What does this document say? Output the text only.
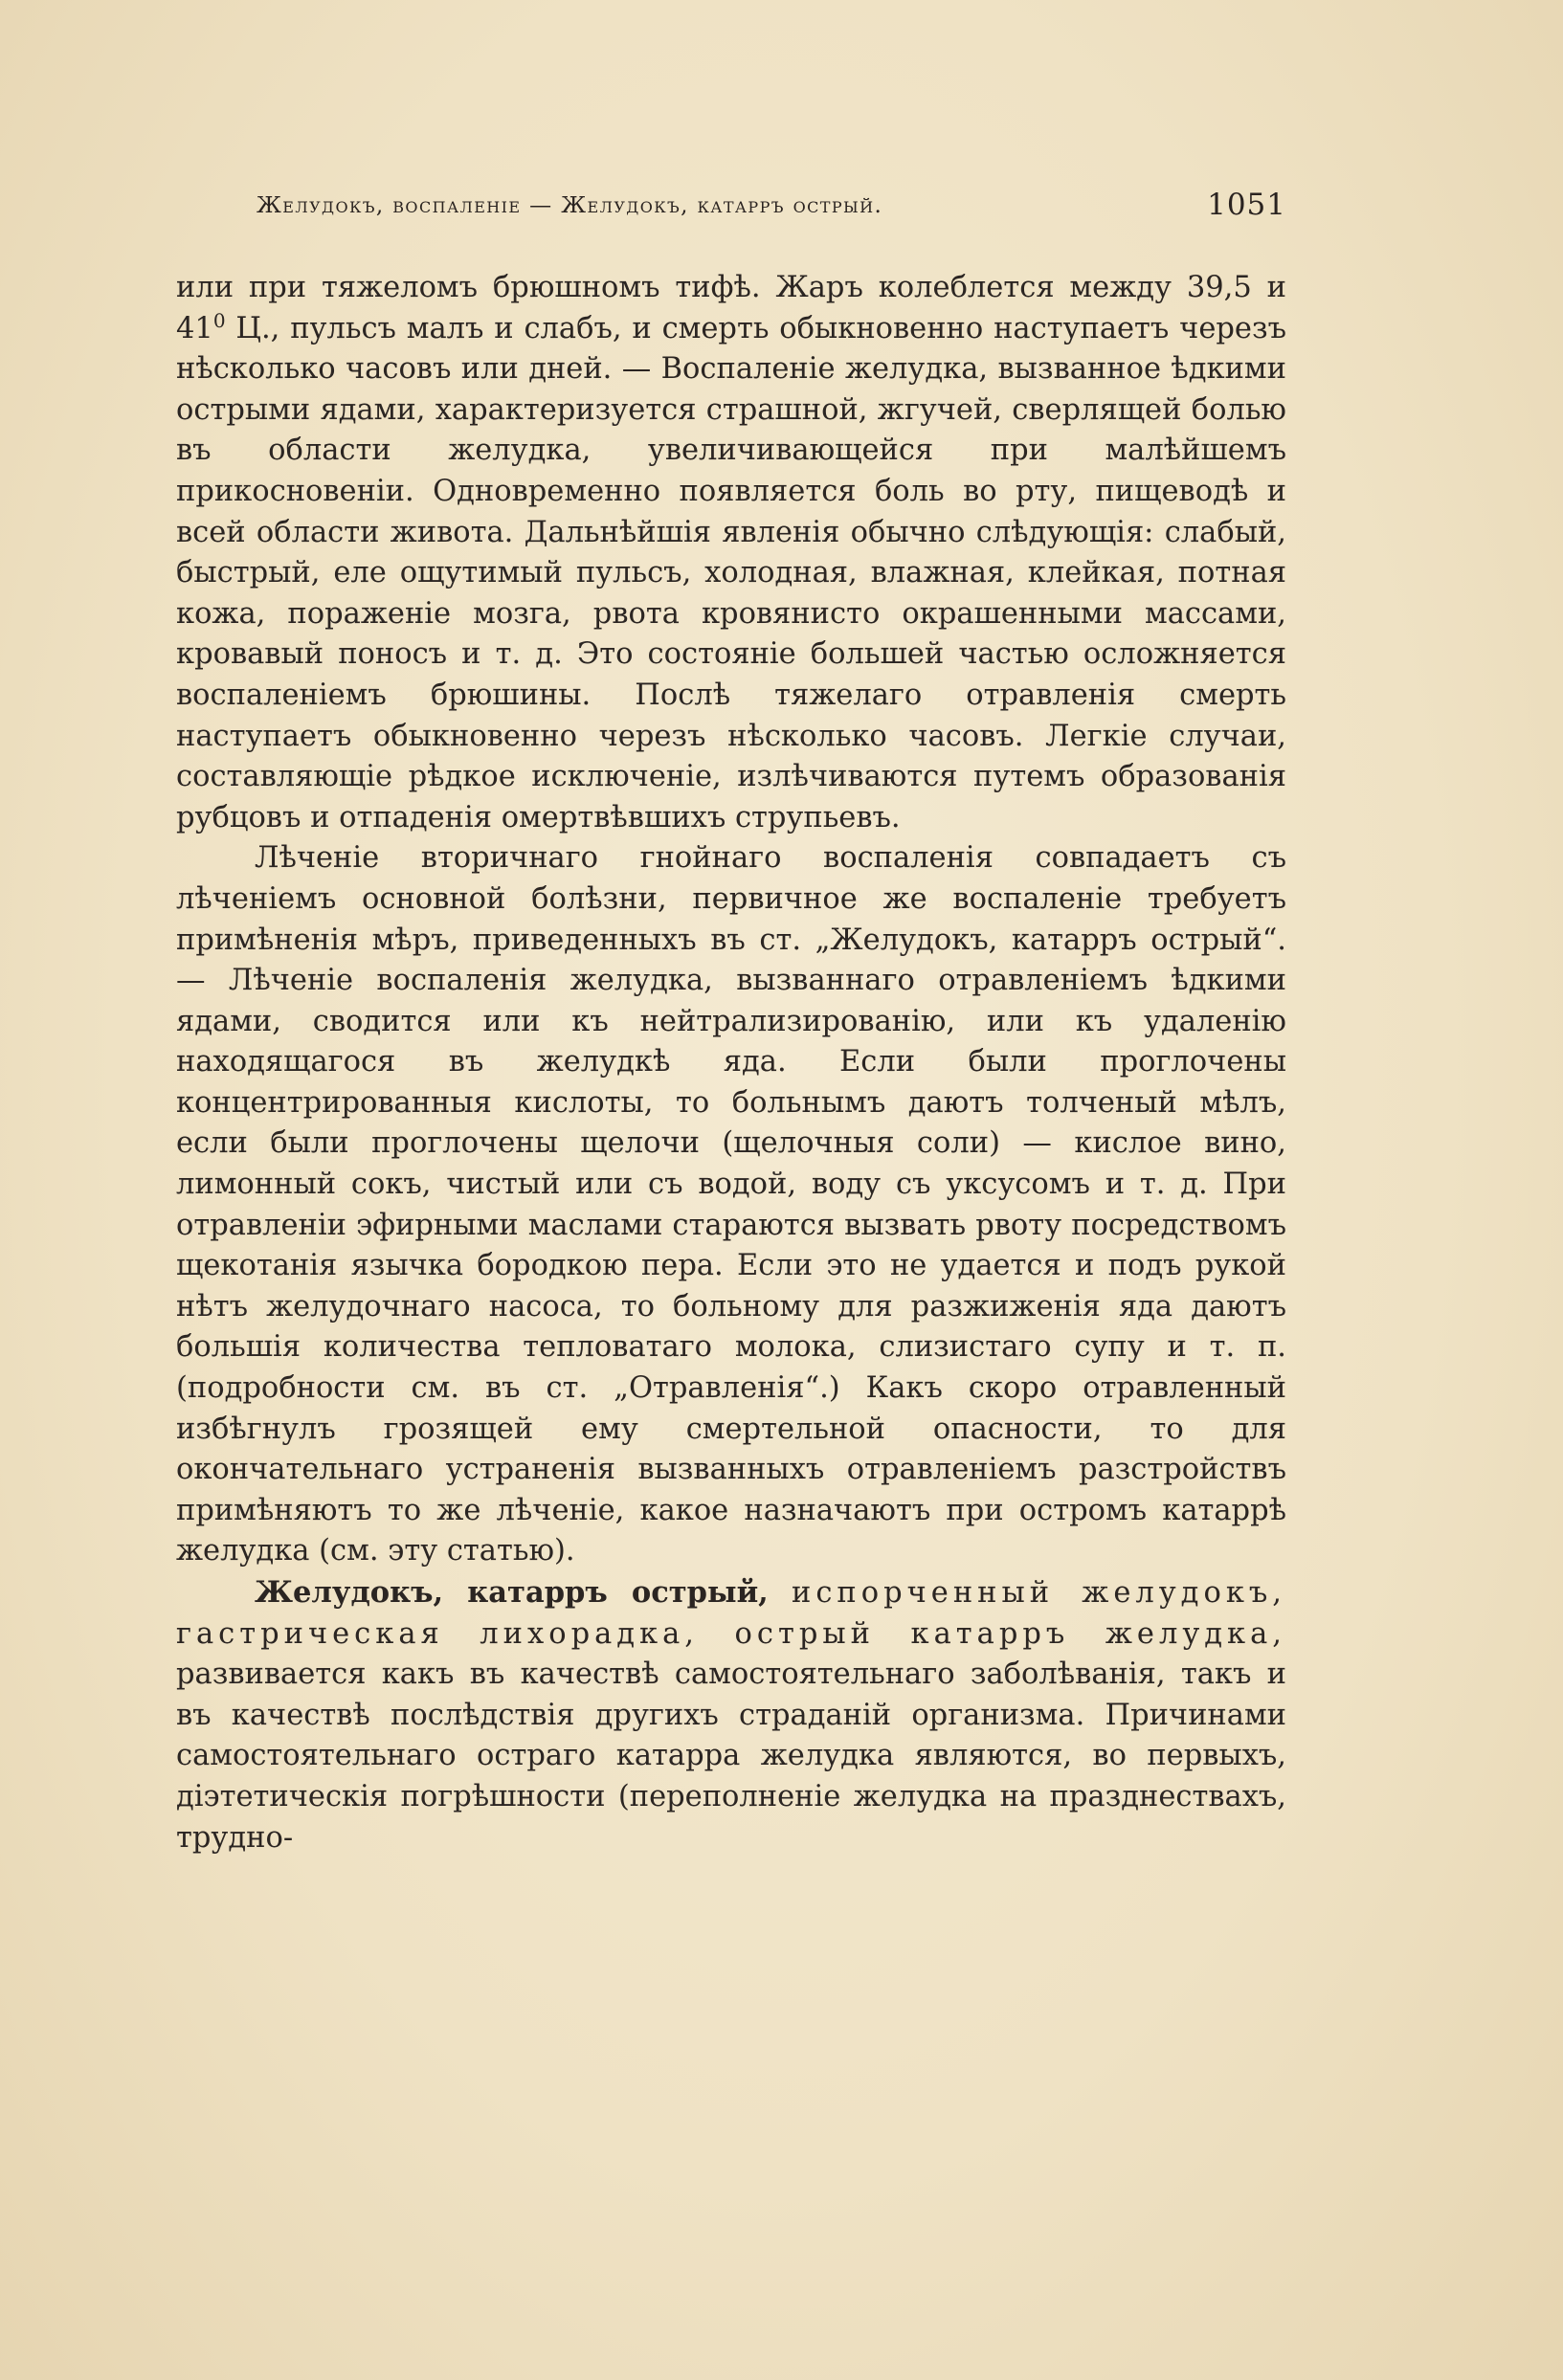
Желудокъ, воспаленіе — Желудокъ, катарръ острый.	1051

или при тяжеломъ брюшномъ тифѣ. Жаръ колеблется между 39,5 и $41^0$ Ц., пульсъ малъ и слабъ, и смерть обыкновенно наступаетъ черезъ нѣсколько часовъ или дней. — Воспаленіе желудка, вызванное ѣдкими острыми ядами, характеризуется страшной, жгучей, сверлящей болью въ области желудка, увеличивающейся при малѣйшемъ прикосновеніи. Одновременно появляется боль во рту, пищеводѣ и всей области живота. Дальнѣйшія явленія обычно слѣдующія: слабый, быстрый, еле ощутимый пульсъ, холодная, влажная, клейкая, потная кожа, пораженіе мозга, рвота кровянисто окрашенными массами, кровавый поносъ и т. д. Это состояніе большей частью осложняется воспаленіемъ брюшины. Послѣ тяжелаго отравленія смерть наступаетъ обыкновенно черезъ нѣсколько часовъ. Легкіе случаи, составляющіе рѣдкое исключеніе, излѣчиваются путемъ образованія рубцовъ и отпаденія омертвѣвшихъ струпьевъ.

Лѣченіе вторичнаго гнойнаго воспаленія совпадаетъ съ лѣченіемъ основной болѣзни, первичное же воспаленіе требуетъ примѣненія мѣръ, приведенныхъ въ ст. „Желудокъ, катарръ острый“. — Лѣченіе воспаленія желудка, вызваннаго отравленіемъ ѣдкими ядами, сводится или къ нейтрализированію, или къ удаленію находящагося въ желудкѣ яда. Если были проглочены концентрированныя кислоты, то больнымъ даютъ толченый мѣлъ, если были проглочены щелочи (щелочныя соли) — кислое вино, лимонный сокъ, чистый или съ водой, воду съ уксусомъ и т. д. При отравленіи эфирными маслами стараются вызвать рвоту посредствомъ щекотанія язычка бородкою пера. Если это не удается и подъ рукой нѣтъ желудочнаго насоса, то больному для разжиженія яда даютъ большія количества тепловатаго молока, слизистаго супу и т. п. (подробности см. въ ст. „Отравленія“.) Какъ скоро отравленный избѣгнулъ грозящей ему смертельной опасности, то для окончательнаго устраненія вызванныхъ отравленіемъ разстройствъ примѣняютъ то же лѣченіе, какое назначаютъ при остромъ катаррѣ желудка (см. эту статью).

Желудокъ, катарръ острый, испорченный желудокъ, гастрическая лихорадка, острый катарръ желудка, развивается какъ въ качествѣ самостоятельнаго заболѣванія, такъ и въ качествѣ послѣдствія другихъ страданій организма. Причинами самостоятельнаго остраго катарра желудка являются, во первыхъ, діэтетическія погрѣшности (переполненіе желудка на празднествахъ, трудно-
